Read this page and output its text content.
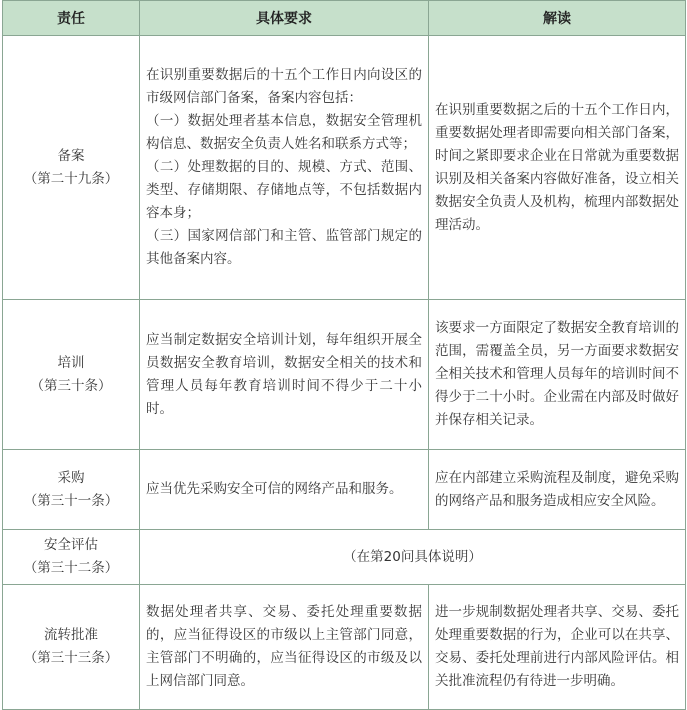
责任	具体要求	解读

备案
（第二十九条）	在识别重要数据后的十五个工作日内向设区的市级网信部门备案，备案内容包括：
（一）数据处理者基本信息，数据安全管理机构信息、数据安全负责人姓名和联系方式等；
（二）处理数据的目的、规模、方式、范围、类型、存储期限、存储地点等，不包括数据内容本身；
（三）国家网信部门和主管、监管部门规定的其他备案内容。	在识别重要数据之后的十五个工作日内，重要数据处理者即需要向相关部门备案，时间之紧即要求企业在日常就为重要数据识别及相关备案内容做好准备，设立相关数据安全负责人及机构，梳理内部数据处理活动。

培训
（第三十条）	应当制定数据安全培训计划，每年组织开展全员数据安全教育培训，数据安全相关的技术和管理人员每年教育培训时间不得少于二十小时。	该要求一方面限定了数据安全教育培训的范围，需覆盖全员，另一方面要求数据安全相关技术和管理人员每年的培训时间不得少于二十小时。企业需在内部及时做好并保存相关记录。

采购
（第三十一条）	应当优先采购安全可信的网络产品和服务。	应在内部建立采购流程及制度，避免采购的网络产品和服务造成相应安全风险。

安全评估
（第三十二条）	（在第20问具体说明）	

流转批准
（第三十三条）	数据处理者共享、交易、委托处理重要数据的，应当征得设区的市级以上主管部门同意，主管部门不明确的，应当征得设区的市级及以上网信部门同意。	进一步规制数据处理者共享、交易、委托处理重要数据的行为，企业可以在共享、交易、委托处理前进行内部风险评估。相关批准流程仍有待进一步明确。
